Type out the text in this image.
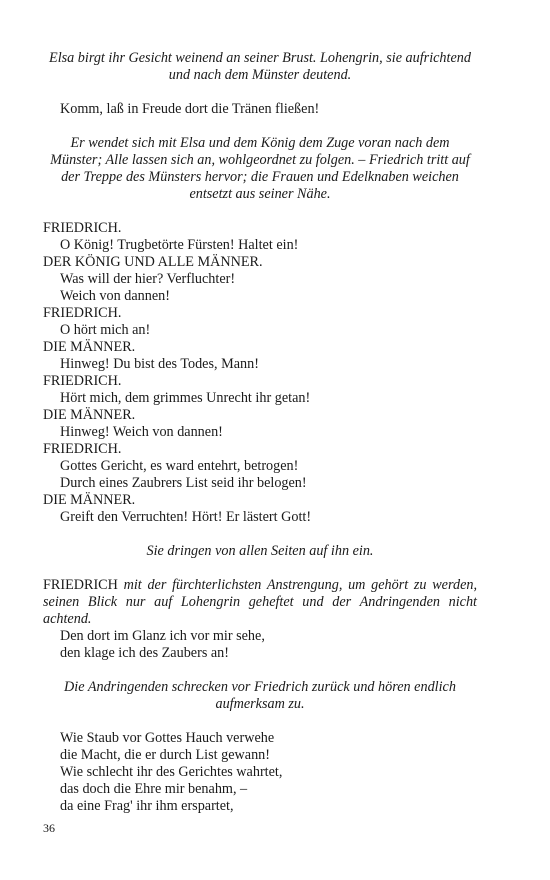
Elsa birgt ihr Gesicht weinend an seiner Brust. Lohengrin, sie aufrichtend und nach dem Münster deutend.

Komm, laß in Freude dort die Tränen fließen!

Er wendet sich mit Elsa und dem König dem Zuge voran nach dem Münster; Alle lassen sich an, wohlgeordnet zu folgen. – Friedrich tritt auf der Treppe des Münsters hervor; die Frauen und Edelknaben weichen entsetzt aus seiner Nähe.

FRIEDRICH.

O König! Trugbetörte Fürsten! Haltet ein!

DER KÖNIG UND ALLE MÄNNER.

Was will der hier? Verfluchter!

Weich von dannen!

FRIEDRICH.

O hört mich an!

DIE MÄNNER.

Hinweg! Du bist des Todes, Mann!

FRIEDRICH.

Hört mich, dem grimmes Unrecht ihr getan!

DIE MÄNNER.

Hinweg! Weich von dannen!

FRIEDRICH.

Gottes Gericht, es ward entehrt, betrogen!

Durch eines Zaubrers List seid ihr belogen!

DIE MÄNNER.

Greift den Verruchten! Hört! Er lästert Gott!

Sie dringen von allen Seiten auf ihn ein.

FRIEDRICH mit der fürchterlichsten Anstrengung, um gehört zu werden, seinen Blick nur auf Lohengrin geheftet und der Andringenden nicht achtend.

Den dort im Glanz ich vor mir sehe,

den klage ich des Zaubers an!

Die Andringenden schrecken vor Friedrich zurück und hören endlich aufmerksam zu.

Wie Staub vor Gottes Hauch verwehe

die Macht, die er durch List gewann!

Wie schlecht ihr des Gerichtes wahrtet,

das doch die Ehre mir benahm, –

da eine Frag' ihr ihm erspartet,

36
